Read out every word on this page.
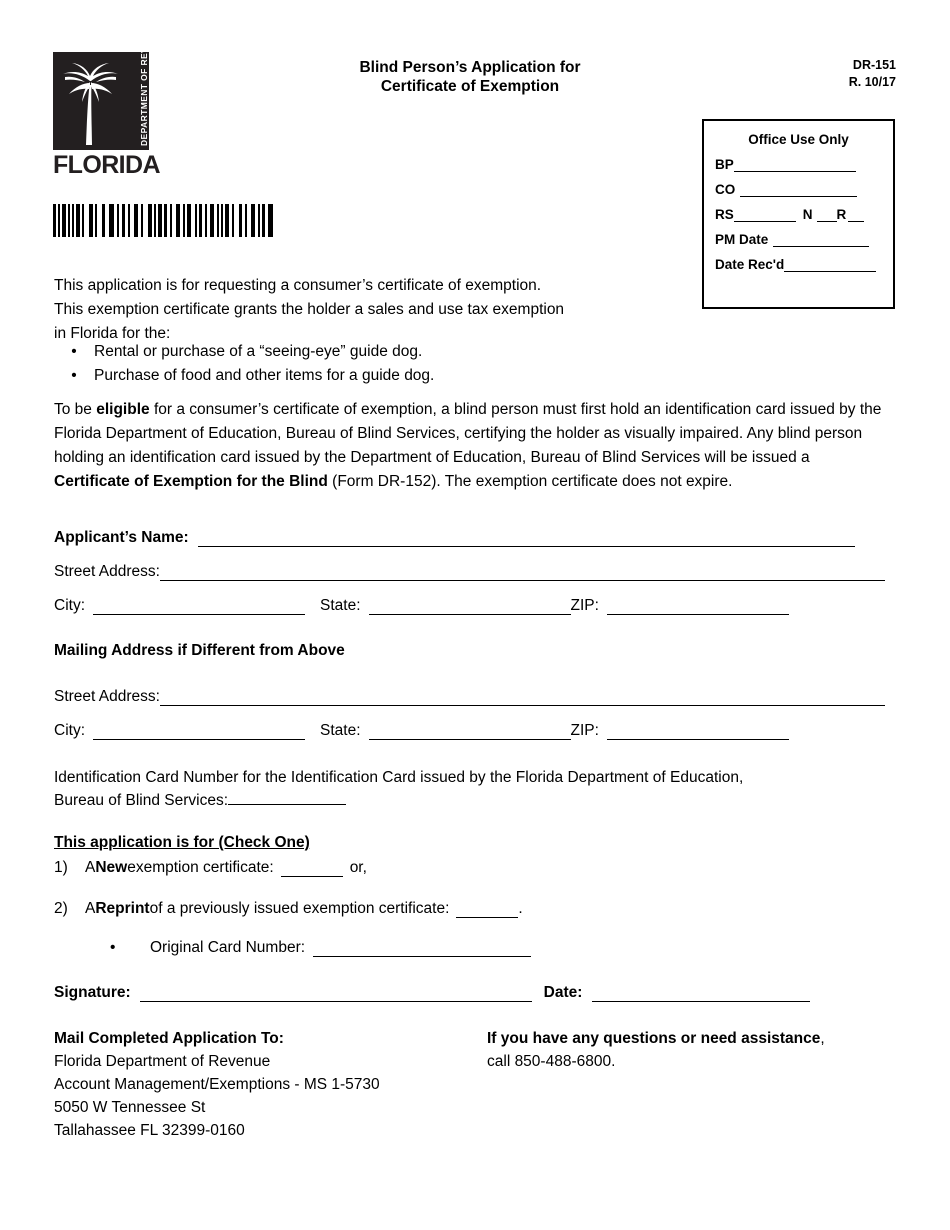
DEPARTMENT OF REVENUE
FLORIDA
Blind Person’s Application for
Certificate of Exemption
DR-151
R. 10/17
Office Use Only
BP
CO
RS	N R
PM Date
Date Rec'd
This application is for requesting a consumer’s certificate of exemption.
This exemption certificate grants the holder a sales and use tax exemption
in Florida for the:
•	Rental or purchase of a “seeing-eye” guide dog.
•	Purchase of food and other items for a guide dog.
To be eligible for a consumer’s certificate of exemption, a blind person must first hold an identification card issued by the Florida Department of Education, Bureau of Blind Services, certifying the holder as visually impaired. Any blind person holding an identification card issued by the Department of Education, Bureau of Blind Services will be issued a Certificate of Exemption for the Blind (Form DR-152). The exemption certificate does not expire.
Applicant’s Name:
Street Address:
City:	State:	ZIP:
Mailing Address if Different from Above
Street Address:
City:	State:	ZIP:
Identification Card Number for the Identification Card issued by the Florida Department of Education,
Bureau of Blind Services:
This application is for (Check One)
1)	A New exemption certificate:	or,
2)	A Reprint of a previously issued exemption certificate:	.
•	Original Card Number:
Signature:	Date:
Mail Completed Application To:
Florida Department of Revenue
Account Management/Exemptions - MS 1-5730
5050 W Tennessee St
Tallahassee FL 32399-0160
If you have any questions or need assistance,
call 850-488-6800.
